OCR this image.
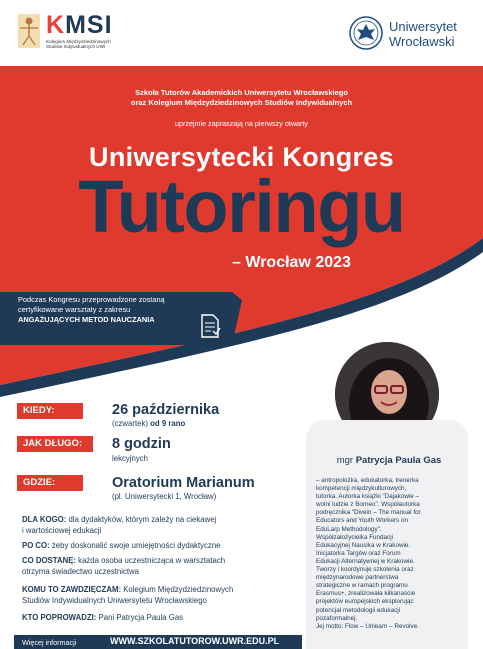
KMSI
Kolegium Międzydziedzinowych
Studiów Indywidualnych UWr
Uniwersytet
Wrocławski
Szkoła Tutorów Akademickich Uniwersytetu Wrocławskiego
oraz Kolegium Międzydziedzinowych Studiów Indywidualnych
uprzejmie zapraszają na pierwszy otwarty
Uniwersytecki Kongres
Tutoringu
– Wrocław 2023
Podczas Kongresu przeprowadzone zostaną
certyfikowane warsztaty z zakresu
ANGAŻUJĄCYCH METOD NAUCZANIA
KIEDY:	26 października
(czwartek) od 9 rano
JAK DŁUGO:	8 godzin
lekcyjnych
GDZIE:	Oratorium Marianum
(pl. Uniwersytecki 1, Wrocław)
DLA KOGO: dla dydaktyków, którym zależy na ciekawej
i wartościowej edukacji
PO CO: żeby doskonalić swoje umiejętności dydaktyczne
CO DOSTANĘ: każda osoba uczestnicząca w warsztatach
otrzyma świadectwo uczestnictwa
KOMU TO ZAWDZIĘCZAM: Kolegium Międzydziedzinowych
Studiów Indywidualnych Uniwersytetu Wrocławskiego
KTO POPROWADZI: Pani Patrycja Paula Gas
Więcej informacji	WWW.SZKOLATUTOROW.UWR.EDU.PL
mgr Patrycja Paula Gas
– antropolożka, edukatorka, trenerka
kompetencji międzykulturowych,
tutorka. Autorka książki "Dajakowie –
wolni ludzie z Borneo". Współautorka
podręcznika "Divein – The manual for
Educators and Youth Workers on
EduLarp Methodology".
Współzałożycielka Fundacji
Edukacyjnej Nausika w Krakowie.
Inicjatorka Targów oraz Forum
Edukacji Alternatywnej w Krakowie.
Tworzy i koordynuje szkolenia oraz
międzynarodowe partnerstwa
strategiczne w ramach programu
Erasmus+, zrealizowała kilkanaście
projektów europejskich eksplorując
potencjał metodologii edukacji
pozaformalnej.
Jej motto: Flow – Unlearn – Revolve.
